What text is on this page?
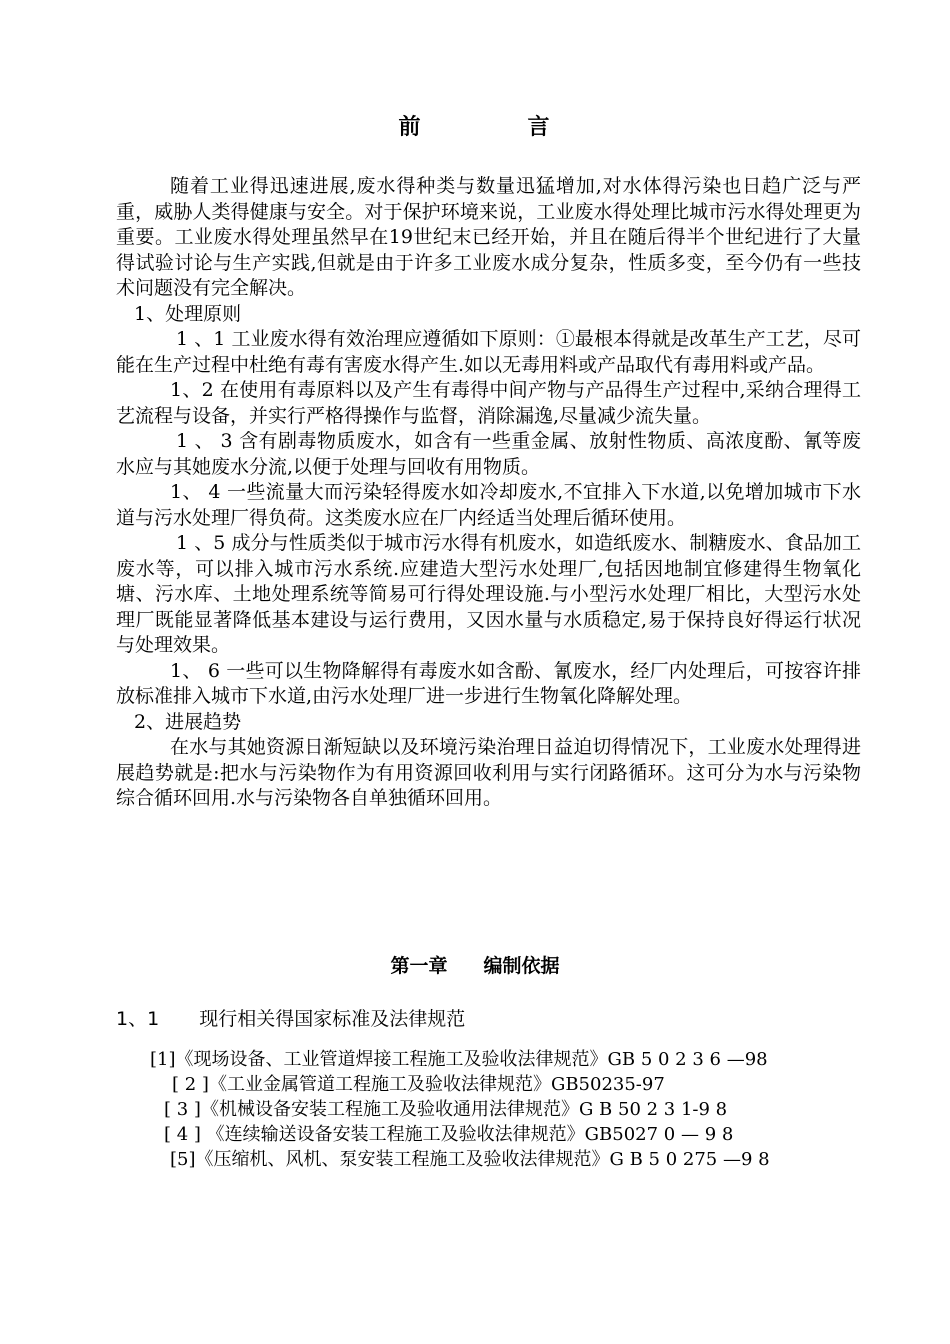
前	言

随着工业得迅速进展,废水得种类与数量迅猛增加,对水体得污染也日趋广泛与严重，威胁人类得健康与安全。对于保护环境来说，工业废水得处理比城市污水得处理更为重要。工业废水得处理虽然早在19世纪末已经开始，并且在随后得半个世纪进行了大量得试验讨论与生产实践,但就是由于许多工业废水成分复杂，性质多变，至今仍有一些技术问题没有完全解决。

1、处理原则

1 、1 工业废水得有效治理应遵循如下原则：①最根本得就是改革生产工艺，尽可能在生产过程中杜绝有毒有害废水得产生.如以无毒用料或产品取代有毒用料或产品。

1、2 在使用有毒原料以及产生有毒得中间产物与产品得生产过程中,采纳合理得工艺流程与设备，并实行严格得操作与监督，消除漏逸,尽量减少流失量。

1 、 3 含有剧毒物质废水，如含有一些重金属、放射性物质、高浓度酚、氰等废水应与其她废水分流,以便于处理与回收有用物质。

1、 4 一些流量大而污染轻得废水如冷却废水,不宜排入下水道,以免增加城市下水道与污水处理厂得负荷。这类废水应在厂内经适当处理后循环使用。

1 、5 成分与性质类似于城市污水得有机废水，如造纸废水、制糖废水、食品加工废水等，可以排入城市污水系统.应建造大型污水处理厂,包括因地制宜修建得生物氧化塘、污水库、土地处理系统等简易可行得处理设施.与小型污水处理厂相比，大型污水处理厂既能显著降低基本建设与运行费用，又因水量与水质稳定,易于保持良好得运行状况与处理效果。

1、 6 一些可以生物降解得有毒废水如含酚、氰废水，经厂内处理后，可按容许排放标准排入城市下水道,由污水处理厂进一步进行生物氧化降解处理。

2、进展趋势

在水与其她资源日渐短缺以及环境污染治理日益迫切得情况下，工业废水处理得进展趋势就是:把水与污染物作为有用资源回收利用与实行闭路循环。这可分为水与污染物综合循环回用.水与污染物各自单独循环回用。

第一章 编制依据
1、1 现行相关得国家标准及法律规范

[1]《现场设备、工业管道焊接工程施工及验收法律规范》GB 5 0 2 3 6 —98

[ 2 ]《工业金属管道工程施工及验收法律规范》GB50235-97

[ 3 ]《机械设备安装工程施工及验收通用法律规范》G B 50 2 3 1-9 8

[ 4 ] 《连续输送设备安装工程施工及验收法律规范》GB5027 0 — 9 8

[5]《压缩机、风机、泵安装工程施工及验收法律规范》G B 5 0 275 —9 8
